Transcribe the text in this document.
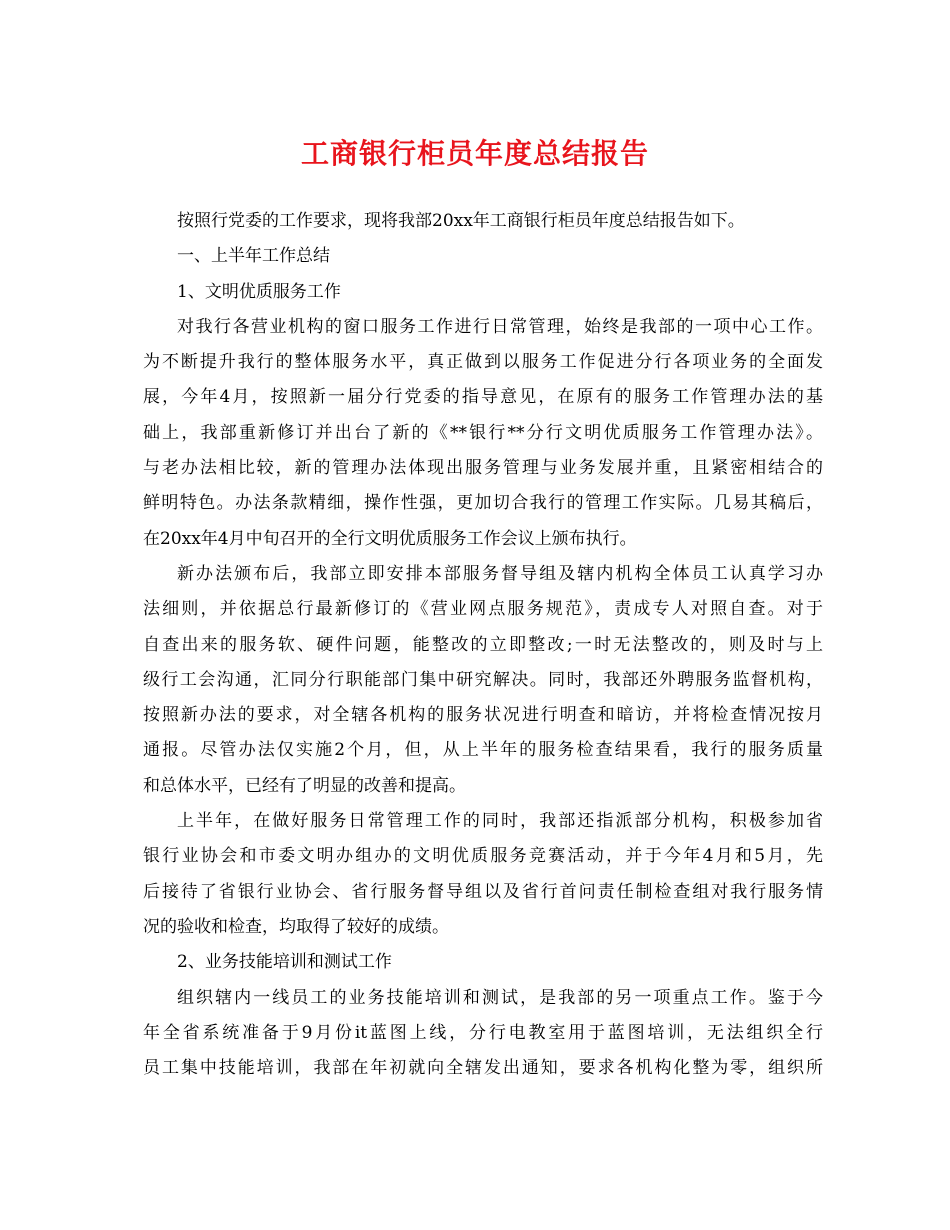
工商银行柜员年度总结报告
按照行党委的工作要求，现将我部20xx年工商银行柜员年度总结报告如下。
一、上半年工作总结
1、文明优质服务工作
对我行各营业机构的窗口服务工作进行日常管理，始终是我部的一项中心工作。
为不断提升我行的整体服务水平，真正做到以服务工作促进分行各项业务的全面发
展，今年4月，按照新一届分行党委的指导意见，在原有的服务工作管理办法的基
础上，我部重新修订并出台了新的《**银行**分行文明优质服务工作管理办法》。
与老办法相比较，新的管理办法体现出服务管理与业务发展并重，且紧密相结合的
鲜明特色。办法条款精细，操作性强，更加切合我行的管理工作实际。几易其稿后，
在20xx年4月中旬召开的全行文明优质服务工作会议上颁布执行。
新办法颁布后，我部立即安排本部服务督导组及辖内机构全体员工认真学习办
法细则，并依据总行最新修订的《营业网点服务规范》，责成专人对照自查。对于
自查出来的服务软、硬件问题，能整改的立即整改;一时无法整改的，则及时与上
级行工会沟通，汇同分行职能部门集中研究解决。同时，我部还外聘服务监督机构，
按照新办法的要求，对全辖各机构的服务状况进行明查和暗访，并将检查情况按月
通报。尽管办法仅实施2个月，但，从上半年的服务检查结果看，我行的服务质量
和总体水平，已经有了明显的改善和提高。
上半年，在做好服务日常管理工作的同时，我部还指派部分机构，积极参加省
银行业协会和市委文明办组办的文明优质服务竞赛活动，并于今年4月和5月，先
后接待了省银行业协会、省行服务督导组以及省行首问责任制检查组对我行服务情
况的验收和检查，均取得了较好的成绩。
2、业务技能培训和测试工作
组织辖内一线员工的业务技能培训和测试，是我部的另一项重点工作。鉴于今
年全省系统准备于9月份it蓝图上线，分行电教室用于蓝图培训，无法组织全行
员工集中技能培训，我部在年初就向全辖发出通知，要求各机构化整为零，组织所
